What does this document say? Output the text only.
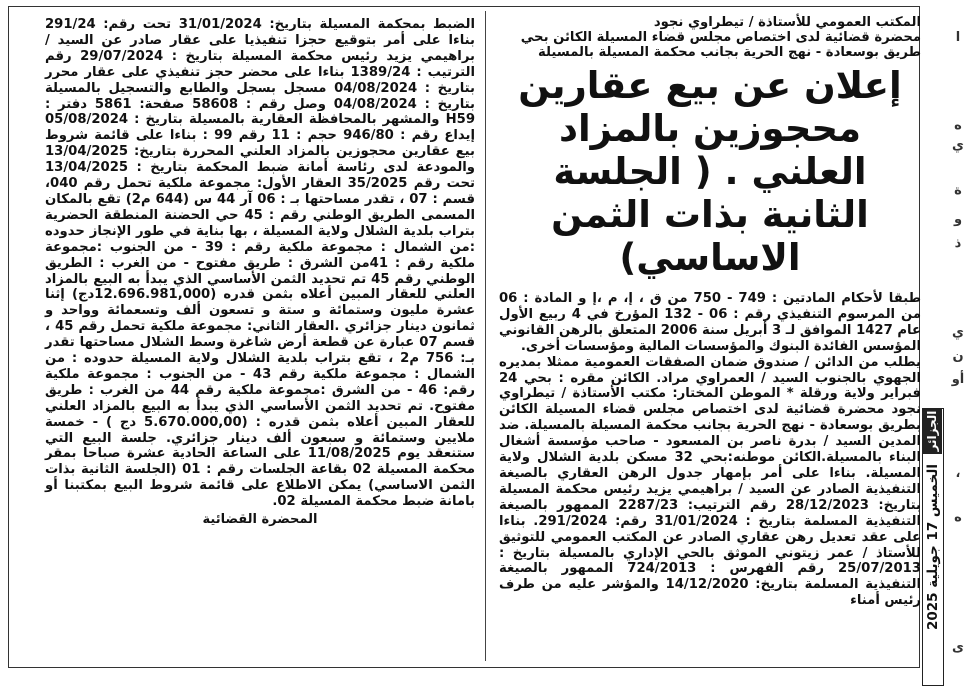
المكتب العمومي للأستاذة / تيطراوي نجود
محضرة قضائية لدى اختصاص مجلس قضاء المسيلة الكائن بحي
طريق بوسعادة - نهج الحرية بجانب محكمة المسيلة بالمسيلة
إعلان عن بيع عقارين محجوزين بالمزاد العلني . ( الجلسة الثانية بذات الثمن الاساسي)

طبقا لأحكام المادتين : 749 - 750 من ق ، إ، م ،إ و المادة : 06 من المرسوم التنفيذي رقم : 06 - 132 المؤرخ في 4 ربيع الأول عام 1427 الموافق لـ 3 أبريل سنة 2006 المتعلق بالرهن القانوني المؤسس الفائدة البنوك والمؤسسات المالية ومؤسسات أخرى.

يطلب من الدائن / صندوق ضمان الصفقات العمومية ممثلا بمديره الجهوي بالجنوب السيد / العمراوي مراد. الكائن مقره : بحي 24 فبراير ولاية ورقلة * الموطن المختار: مكتب الأستاذة / تيطراوي نجود محضرة قضائية لدى اختصاص مجلس قضاء المسيلة الكائن بطريق بوسعادة - نهج الحرية بجانب محكمة المسيلة بالمسيلة. ضد المدين السيد / بدرة ناصر بن المسعود - صاحب مؤسسة أشغال البناء بالمسيلة.الكائن موطنه:بحي 32 مسكن بلدية الشلال ولاية المسيلة. بناءا على أمر بإمهار جدول الرهن العقاري بالصيغة التنفيذية الصادر عن السيد / براهيمي يزيد رئيس محكمة المسيلة بتاريخ: 28/12/2023 رقم الترتيب: 2287/23 الممهور بالصيغة التنفيذية المسلمة بتاريخ : 31/01/2024 رقم: 291/2024. بناءا على عقد تعديل رهن عقاري الصادر عن المكتب العمومي للتوثيق للأستاذ / عمر زيتوني الموثق بالحي الإداري بالمسيلة بتاريخ : 25/07/2013 رقم الفهرس : 724/2013 الممهور بالصيغة التنفيذية المسلمة بتاريخ: 14/12/2020 والمؤشر عليه من طرف رئيس أمناء

الضبط بمحكمة المسيلة بتاريخ: 31/01/2024 تحت رقم: 291/24 بناءا على أمر بتوقيع حجزا تنفيذيا على عقار صادر عن السيد / براهيمي يزيد رئيس محكمة المسيلة بتاريخ : 29/07/2024 رقم الترتيب : 1389/24 بناءا على محضر حجز تنفيذي على عقار محرر بتاريخ : 04/08/2024 مسجل بسجل والطابع والتسجيل بالمسيلة بتاريخ : 04/08/2024 وصل رقم : 58608 صفحة: 5861 دفتر : H59 والمشهر بالمحافظة العقارية بالمسيلة بتاريخ : 05/08/2024 إيداع رقم : 946/80 حجم : 11 رقم 99 : بناءا على قائمة شروط بيع عقارين محجوزين بالمزاد العلني المحررة بتاريخ: 13/04/2025 والمودعة لدى رئاسة أمانة ضبط المحكمة بتاريخ : 13/04/2025 تحت رقم 35/2025 العقار الأول: مجموعة ملكية تحمل رقم 040، قسم : 07 ، تقدر مساحتها بـ : 06 آر 44 س (644 م2) تقع بالمكان المسمى الطريق الوطني رقم : 45 حي الحضنة المنطقة الحضرية بتراب بلدية الشلال ولاية المسيلة ، بها بناية في طور الإنجاز حدوده :من الشمال : مجموعة ملكية رقم : 39 - من الجنوب :مجموعة ملكية رقم : 41من الشرق : طريق مفتوح - من الغرب : الطريق الوطني رقم 45 تم تحديد الثمن الأساسي الذي يبدأ به البيع بالمزاد العلني للعقار المبين أعلاه بثمن قدره (12.696.981,000دج) إثنا عشرة مليون وستمائة و ستة و تسعون ألف وتسعمائة وواحد و ثمانون دينار جزائري .العقار الثاني: مجموعة ملكية تحمل رقم 45 ، قسم 07 عبارة عن قطعة أرض شاغرة وسط الشلال مساحتها تقدر بـ: 756 م2 ، تقع بتراب بلدية الشلال ولاية المسيلة حدوده : من الشمال : مجموعة ملكية رقم 43 - من الجنوب : مجموعة ملكية رقم: 46 - من الشرق :مجموعة ملكية رقم 44 من الغرب : طريق مفتوح. تم تحديد الثمن الأساسي الذي يبدأ به البيع بالمزاد العلني للعقار المبين أعلاه بثمن قدره : (5.670.000,00 دج ) - خمسة ملايين وستمائة و سبعون ألف دينار جزائري. جلسة البيع التي ستنعقد يوم 11/08/2025 على الساعة الحادية عشرة صباحا بمقر محكمة المسيلة 02 بقاعة الجلسات رقم : 01 (الجلسة الثانية بذات الثمن الاساسي) يمكن الاطلاع على قائمة شروط البيع بمكتبنا أو بامانة ضبط محكمة المسيلة 02.

المحضرة القضائية
الخميس 17 جويلية 2025
الجزائر
ا
ه
ي
ة
و
ذ
ي
ن
أو
،
ه
ى
